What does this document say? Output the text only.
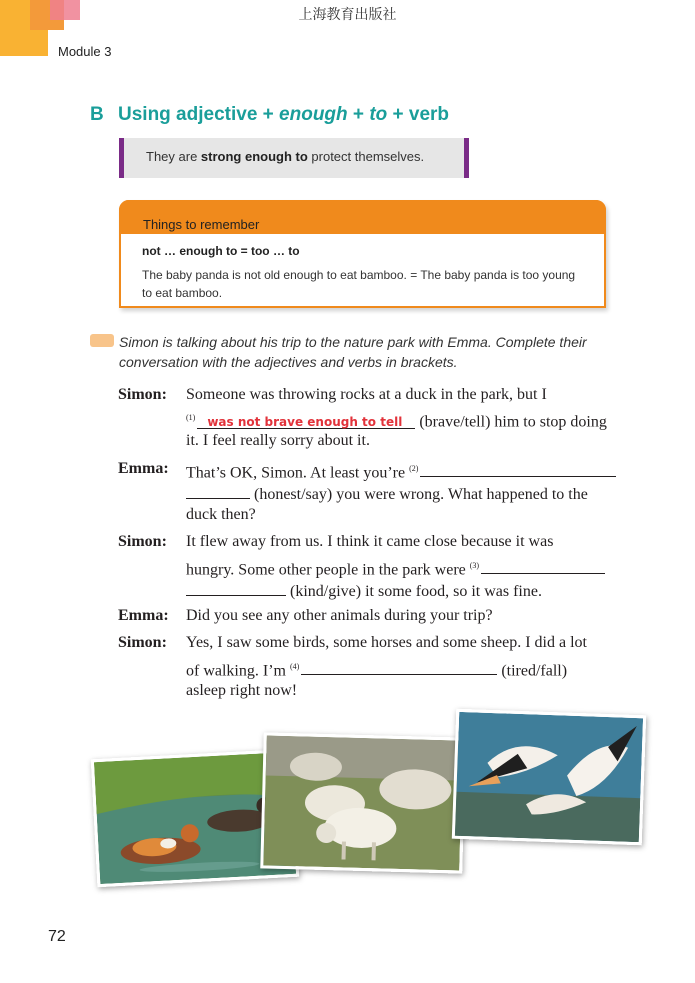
上海教育出版社
Module 3
B Using adjective + enough + to + verb
They are strong enough to protect themselves.
Things to remember
not … enough to = too … to
The baby panda is not old enough to eat bamboo. = The baby panda is too young
to eat bamboo.
Simon is talking about his trip to the nature park with Emma. Complete their conversation with the adjectives and verbs in brackets.
Simon: Someone was throwing rocks at a duck in the park, but I
$^{(1)}$ was not brave enough to tell (brave/tell) him to stop doing
it. I feel really sorry about it.
Emma: That’s OK, Simon. At least you’re $^{(2)}$
(honest/say) you were wrong. What happened to the
duck then?
Simon: It flew away from us. I think it came close because it was
hungry. Some other people in the park were $^{(3)}$
(kind/give) it some food, so it was fine.
Emma: Did you see any other animals during your trip?
Simon: Yes, I saw some birds, some horses and some sheep. I did a lot
of walking. I’m $^{(4)}$	(tired/fall)
asleep right now!
72
